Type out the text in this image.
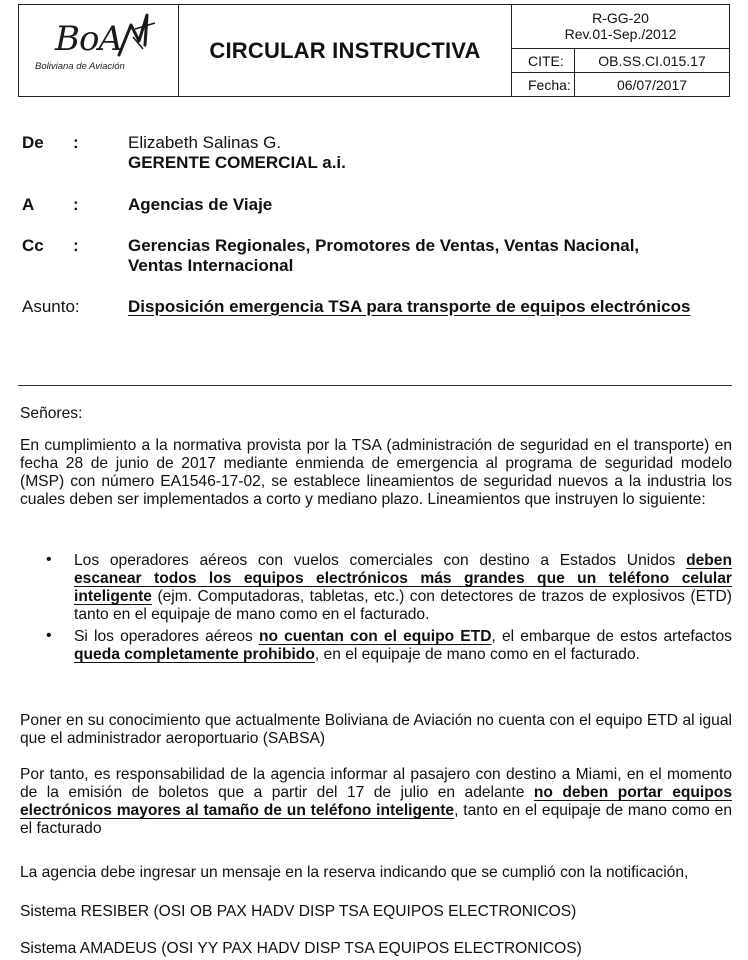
BoA
Boliviana de Aviación
CIRCULAR INSTRUCTIVA
R-GG-20
Rev.01-Sep./2012
CITE:	OB.SS.CI.015.17
Fecha:	06/07/2017
De :	Elizabeth Salinas G.
GERENTE COMERCIAL a.i.
A :	Agencias de Viaje
Cc :	Gerencias Regionales, Promotores de Ventas, Ventas Nacional,
Ventas Internacional
Asunto:	Disposición emergencia TSA para transporte de equipos electrónicos
Señores:
En cumplimiento a la normativa provista por la TSA (administración de seguridad en el transporte) en fecha 28 de junio de 2017 mediante enmienda de emergencia al programa de seguridad modelo (MSP) con número EA1546-17-02, se establece lineamientos de seguridad nuevos a la industria los cuales deben ser implementados a corto y mediano plazo. Lineamientos que instruyen lo siguiente:
• Los operadores aéreos con vuelos comerciales con destino a Estados Unidos deben escanear todos los equipos electrónicos más grandes que un teléfono celular inteligente (ejm. Computadoras, tabletas, etc.) con detectores de trazos de explosivos (ETD) tanto en el equipaje de mano como en el facturado.
• Si los operadores aéreos no cuentan con el equipo ETD, el embarque de estos artefactos queda completamente prohibido, en el equipaje de mano como en el facturado.
Poner en su conocimiento que actualmente Boliviana de Aviación no cuenta con el equipo ETD al igual que el administrador aeroportuario (SABSA)
Por tanto, es responsabilidad de la agencia informar al pasajero con destino a Miami, en el momento de la emisión de boletos que a partir del 17 de julio en adelante no deben portar equipos electrónicos mayores al tamaño de un teléfono inteligente, tanto en el equipaje de mano como en el facturado
La agencia debe ingresar un mensaje en la reserva indicando que se cumplió con la notificación,
Sistema RESIBER (OSI OB PAX HADV DISP TSA EQUIPOS ELECTRONICOS)
Sistema AMADEUS (OSI YY PAX HADV DISP TSA EQUIPOS ELECTRONICOS)
